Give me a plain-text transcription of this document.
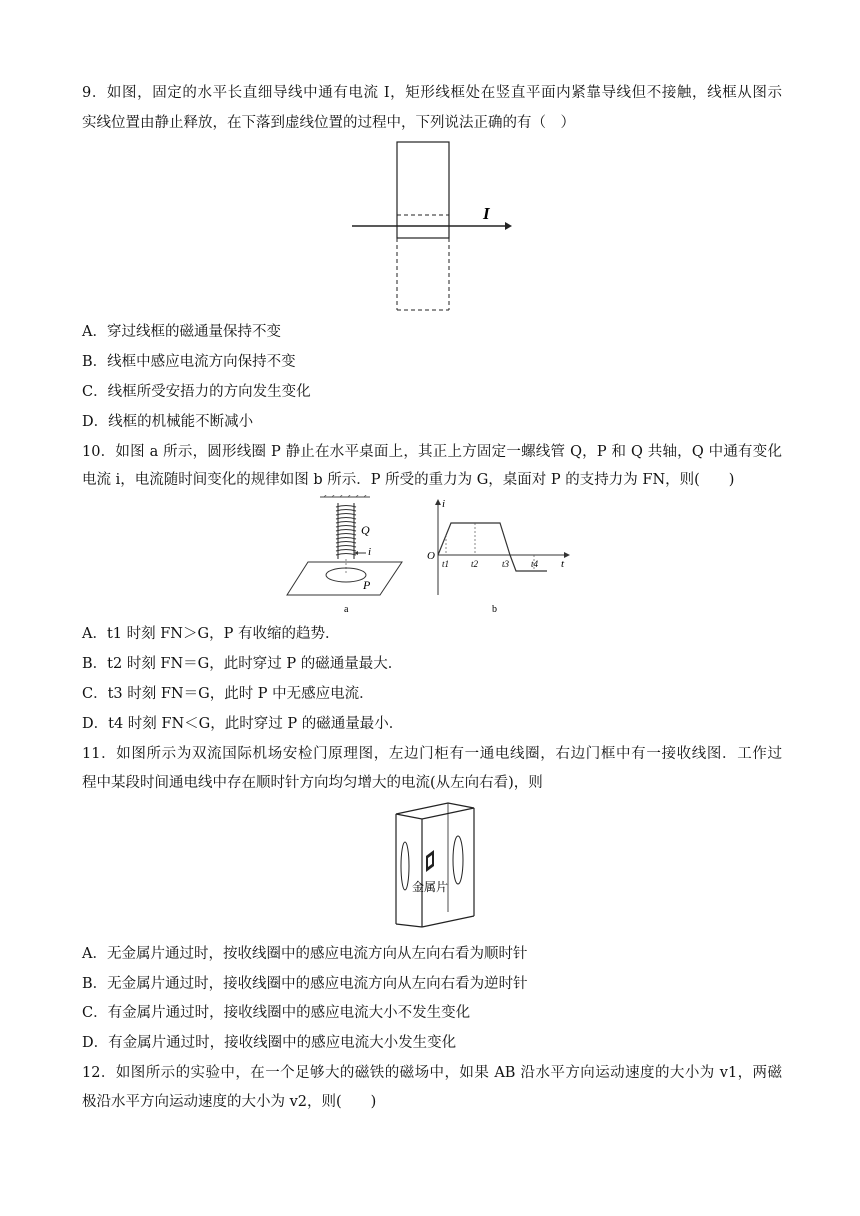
9．如图，固定的水平长直细导线中通有电流 I，矩形线框处在竖直平面内紧靠导线但不接触，线框从图示
实线位置由静止释放，在下落到虚线位置的过程中，下列说法正确的有（　）
I
A．穿过线框的磁通量保持不变
B．线框中感应电流方向保持不变
C．线框所受安捂力的方向发生变化
D．线框的机械能不断减小
10．如图 a 所示，圆形线圈 P 静止在水平桌面上，其正上方固定一螺线管 Q，P 和 Q 共轴，Q 中通有变化
电流 i，电流随时间变化的规律如图 b 所示．P 所受的重力为 G，桌面对 P 的支持力为 FN，则(　　)
Q
i
P
a
i
t
O
t1 t2	t3 t4
b
A．t1 时刻 FN＞G，P 有收缩的趋势．
B．t2 时刻 FN＝G，此时穿过 P 的磁通量最大．
C．t3 时刻 FN＝G，此时 P 中无感应电流．
D．t4 时刻 FN＜G，此时穿过 P 的磁通量最小．
11．如图所示为双流国际机场安检门原理图，左边门柜有一通电线圈，右边门框中有一接收线图．工作过
程中某段时间通电线中存在顺时针方向均匀增大的电流(从左向右看)，则
金属片
A．无金属片通过时，按收线圈中的感应电流方向从左向右看为顺时针
B．无金属片通过时，接收线圈中的感应电流方向从左向右看为逆时针
C．有金属片通过时，接收线圈中的感应电流大小不发生变化
D．有金属片通过时，接收线圈中的感应电流大小发生变化
12．如图所示的实验中，在一个足够大的磁铁的磁场中，如果 AB 沿水平方向运动速度的大小为 v1，两磁
极沿水平方向运动速度的大小为 v2，则(　　)
